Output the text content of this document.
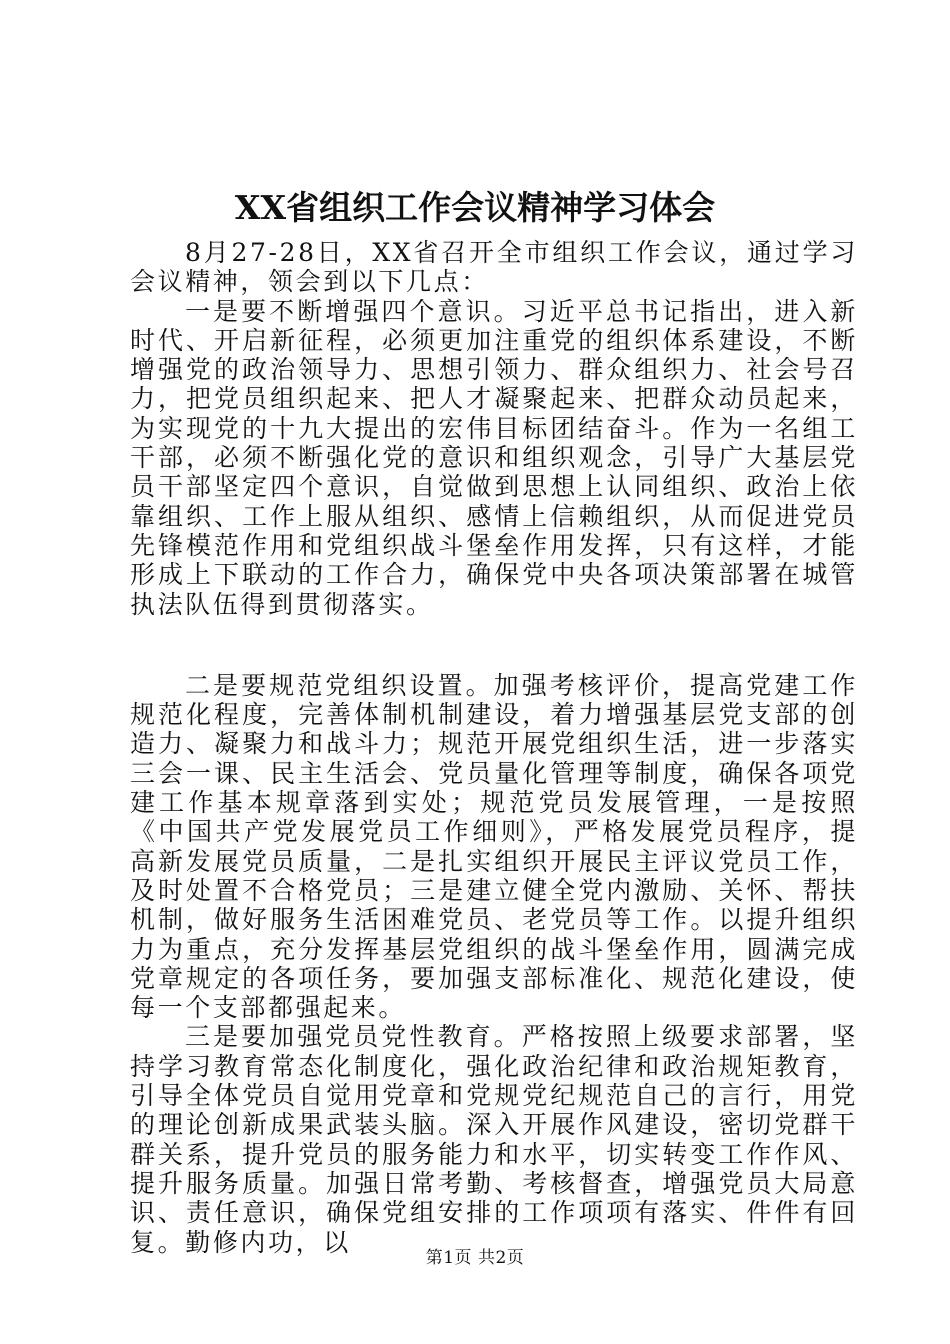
XX省组织工作会议精神学习体会

8月27-28日，XX省召开全市组织工作会议，通过学习会议精神，领会到以下几点：

一是要不断增强四个意识。习近平总书记指出，进入新时代、开启新征程，必须更加注重党的组织体系建设，不断增强党的政治领导力、思想引领力、群众组织力、社会号召力，把党员组织起来、把人才凝聚起来、把群众动员起来，为实现党的十九大提出的宏伟目标团结奋斗。作为一名组工干部，必须不断强化党的意识和组织观念，引导广大基层党员干部坚定四个意识，自觉做到思想上认同组织、政治上依靠组织、工作上服从组织、感情上信赖组织，从而促进党员先锋模范作用和党组织战斗堡垒作用发挥，只有这样，才能形成上下联动的工作合力，确保党中央各项决策部署在城管执法队伍得到贯彻落实。

二是要规范党组织设置。加强考核评价，提高党建工作规范化程度，完善体制机制建设，着力增强基层党支部的创造力、凝聚力和战斗力；规范开展党组织生活，进一步落实三会一课、民主生活会、党员量化管理等制度，确保各项党建工作基本规章落到实处；规范党员发展管理，一是按照《中国共产党发展党员工作细则》，严格发展党员程序，提高新发展党员质量，二是扎实组织开展民主评议党员工作，及时处置不合格党员；三是建立健全党内激励、关怀、帮扶机制，做好服务生活困难党员、老党员等工作。以提升组织力为重点，充分发挥基层党组织的战斗堡垒作用，圆满完成党章规定的各项任务，要加强支部标准化、规范化建设，使每一个支部都强起来。

三是要加强党员党性教育。严格按照上级要求部署，坚持学习教育常态化制度化，强化政治纪律和政治规矩教育，引导全体党员自觉用党章和党规党纪规范自己的言行，用党的理论创新成果武装头脑。深入开展作风建设，密切党群干群关系，提升党员的服务能力和水平，切实转变工作作风、提升服务质量。加强日常考勤、考核督查，增强党员大局意识、责任意识，确保党组安排的工作项项有落实、件件有回复。勤修内功，以

第1页 共2页
